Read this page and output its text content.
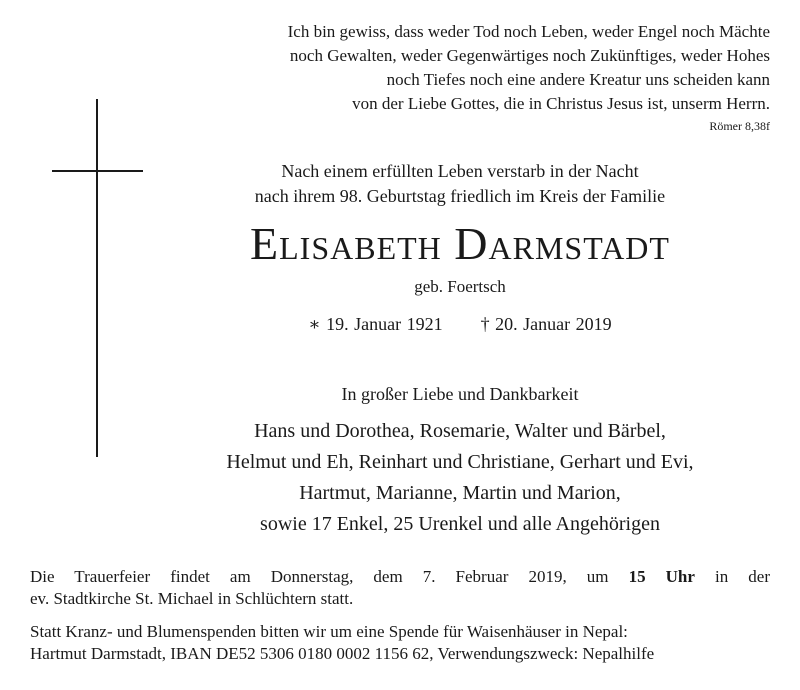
Ich bin gewiss, dass weder Tod noch Leben, weder Engel noch Mächte
noch Gewalten, weder Gegenwärtiges noch Zukünftiges, weder Hohes
noch Tiefes noch eine andere Kreatur uns scheiden kann
von der Liebe Gottes, die in Christus Jesus ist, unserm Herrn.
Römer 8,38f
Nach einem erfüllten Leben verstarb in der Nacht
nach ihrem 98. Geburtstag friedlich im Kreis der Familie
Elisabeth Darmstadt
geb. Foertsch
∗ 19. Januar 1921 † 20. Januar 2019
In großer Liebe und Dankbarkeit
Hans und Dorothea, Rosemarie, Walter und Bärbel,
Helmut und Eh, Reinhart und Christiane, Gerhart und Evi,
Hartmut, Marianne, Martin und Marion,
sowie 17 Enkel, 25 Urenkel und alle Angehörigen
Die Trauerfeier findet am Donnerstag, dem 7. Februar 2019, um 15 Uhr in der
ev. Stadtkirche St. Michael in Schlüchtern statt.
Statt Kranz- und Blumenspenden bitten wir um eine Spende für Waisenhäuser in Nepal:
Hartmut Darmstadt, IBAN DE52 5306 0180 0002 1156 62, Verwendungszweck: Nepalhilfe
